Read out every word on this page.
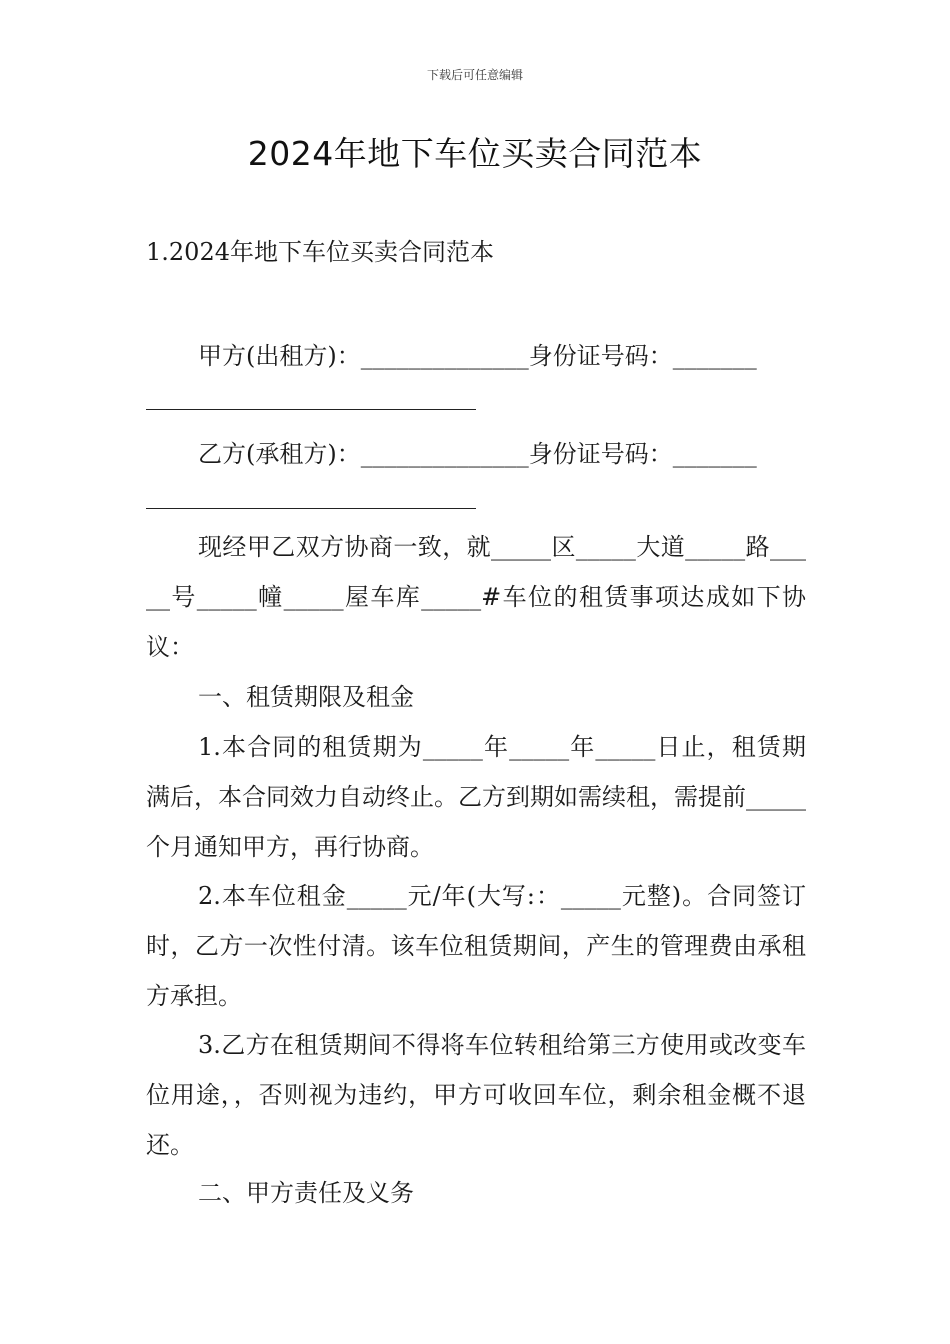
下载后可任意编辑
2024年地下车位买卖合同范本
1.2024年地下车位买卖合同范本
甲方(出租方)：______________身份证号码：_______
乙方(承租方)：______________身份证号码：_______
现经甲乙双方协商一致，就_____区_____大道_____路_____号_____幢_____屋车库_____#车位的租赁事项达成如下协议：
一、租赁期限及租金
1.本合同的租赁期为_____年_____年_____日止，租赁期满后，本合同效力自动终止。乙方到期如需续租，需提前_____个月通知甲方，再行协商。
2.本车位租金_____元/年(大写:：_____元整)。合同签订时，乙方一次性付清。该车位租赁期间，产生的管理费由承租方承担。
3.乙方在租赁期间不得将车位转租给第三方使用或改变车位用途，，否则视为违约，甲方可收回车位，剩余租金概不退还。
二、甲方责任及义务
